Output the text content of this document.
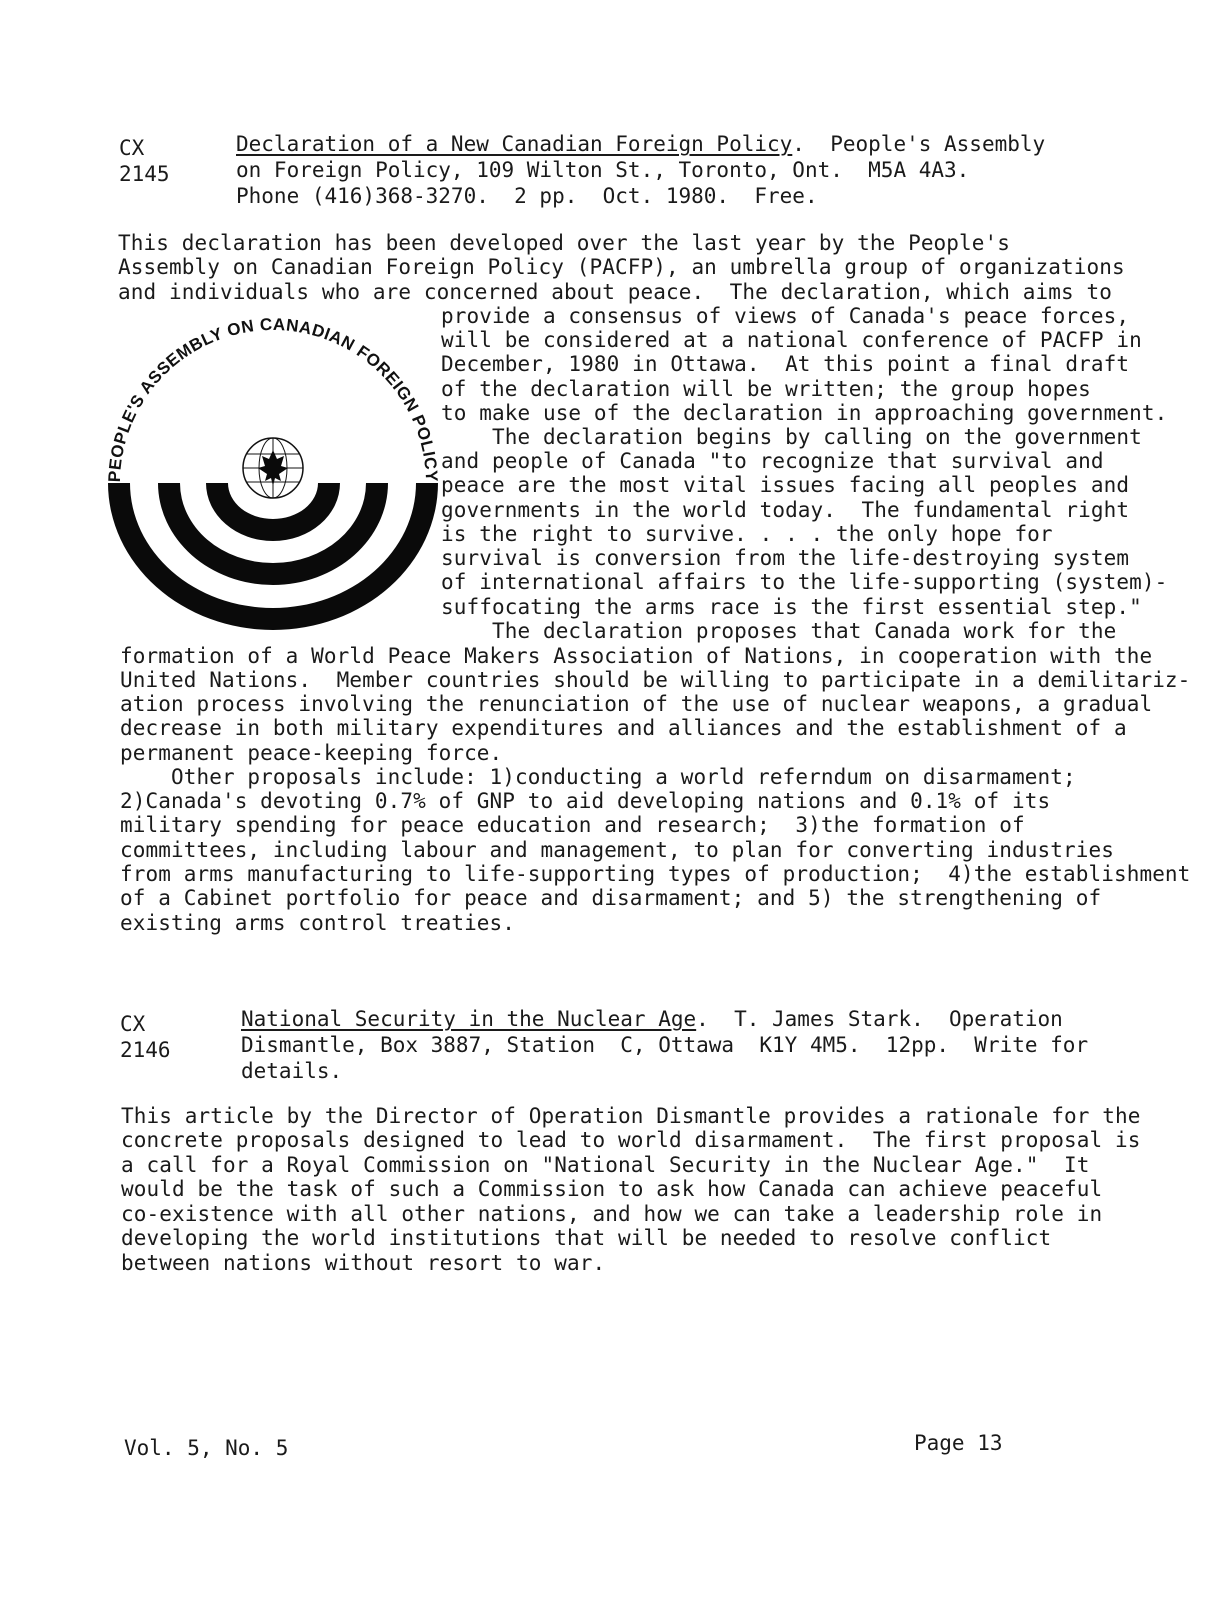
CX
2145
Declaration of a New Canadian Foreign Policy.  People's Assembly
on Foreign Policy, 109 Wilton St., Toronto, Ont.  M5A 4A3.
Phone (416)368-3270.  2 pp.  Oct. 1980.  Free.
This declaration has been developed over the last year by the People's
Assembly on Canadian Foreign Policy (PACFP), an umbrella group of organizations
and individuals who are concerned about peace.  The declaration, which aims to
provide a consensus of views of Canada's peace forces,
will be considered at a national conference of PACFP in
December, 1980 in Ottawa.  At this point a final draft
of the declaration will be written; the group hopes
to make use of the declaration in approaching government.
The declaration begins by calling on the government
and people of Canada "to recognize that survival and
peace are the most vital issues facing all peoples and
governments in the world today.  The fundamental right
is the right to survive. . . . the only hope for
survival is conversion from the life-destroying system
of international affairs to the life-supporting (system)-
suffocating the arms race is the first essential step."
The declaration proposes that Canada work for the
formation of a World Peace Makers Association of Nations, in cooperation with the
United Nations.  Member countries should be willing to participate in a demilitariz-
ation process involving the renunciation of the use of nuclear weapons, a gradual
decrease in both military expenditures and alliances and the establishment of a
permanent peace-keeping force.
Other proposals include: 1)conducting a world referndum on disarmament;
2)Canada's devoting 0.7% of GNP to aid developing nations and 0.1% of its
military spending for peace education and research;  3)the formation of
committees, including labour and management, to plan for converting industries
from arms manufacturing to life-supporting types of production;  4)the establishment
of a Cabinet portfolio for peace and disarmament; and 5) the strengthening of
existing arms control treaties.
OPLE'S ASSEMBLY ON CANADIAN FOREIGN POLI
CX
2146
National Security in the Nuclear Age.  T. James Stark.  Operation
Dismantle, Box 3887, Station  C, Ottawa  K1Y 4M5.  12pp.  Write for
details.
This article by the Director of Operation Dismantle provides a rationale for the
concrete proposals designed to lead to world disarmament.  The first proposal is
a call for a Royal Commission on "National Security in the Nuclear Age."  It
would be the task of such a Commission to ask how Canada can achieve peaceful
co-existence with all other nations, and how we can take a leadership role in
developing the world institutions that will be needed to resolve conflict
between nations without resort to war.
Vol. 5, No. 5	Page 13
